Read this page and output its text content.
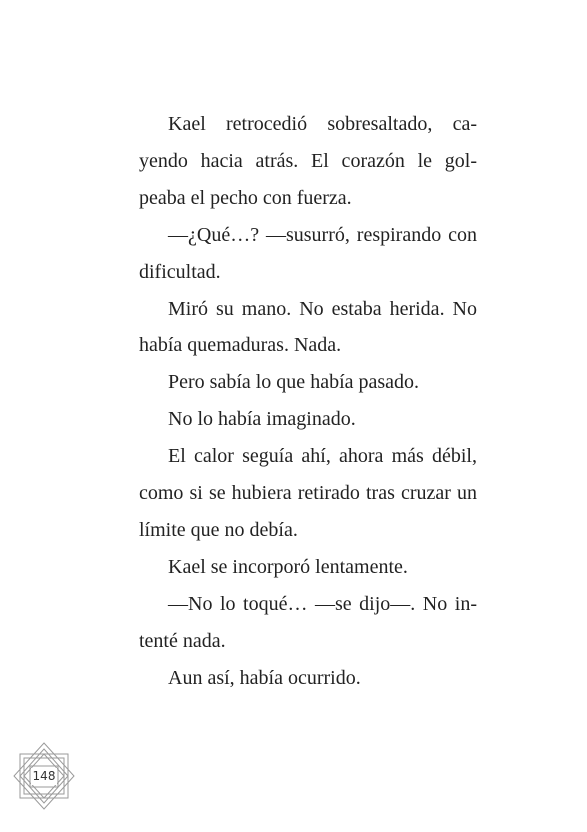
Kael retrocedió sobresaltado, ca-yendo hacia atrás. El corazón le gol-peaba el pecho con fuerza.

—¿Qué…? —susurró, respirando con dificultad.

Miró su mano. No estaba herida. No había quemaduras. Nada.

Pero sabía lo que había pasado.

No lo había imaginado.

El calor seguía ahí, ahora más débil, como si se hubiera retirado tras cruzar un límite que no debía.

Kael se incorporó lentamente.

—No lo toqué… —se dijo—. No in-tenté nada.

Aun así, había ocurrido.

148
